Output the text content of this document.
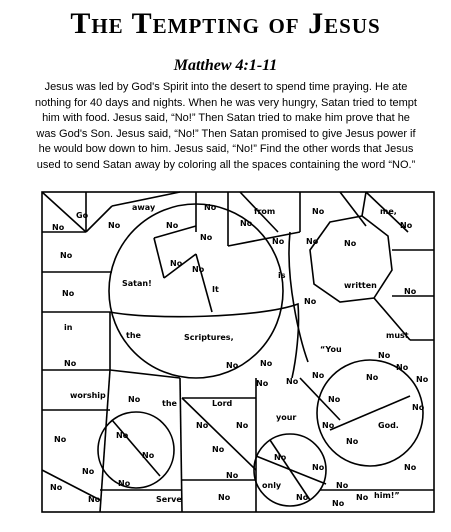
The Tempting of Jesus
Matthew 4:1-11

Jesus was led by God's Spirit into the desert to spend time praying. He ate
nothing for 40 days and nights. When he was very hungry, Satan tried to tempt
him with food. Jesus said, “No!” Then Satan tried to make him prove that he
was God's Son. Jesus said, “No!” Then Satan promised to give Jesus power if
he would bow down to him. Jesus said, “No!” Find the other words that Jesus
used to send Satan away by coloring all the spaces containing the word “NO.”

Go
away	No	from	No	me,
No	No	No
No
No
No	No
No
No
No
No
No
Satan!
It
is
written
No
No
No
in
the	Scriptures,
“You
must
No	No	No
No
No
No	No	No
No No
worship	No	the	Lord	No
No
your
No	No	No	God.
No
No	No
No
No	No
No	No
No	No
only	No
No	No
No	Serve	No	No	No him!”
No
